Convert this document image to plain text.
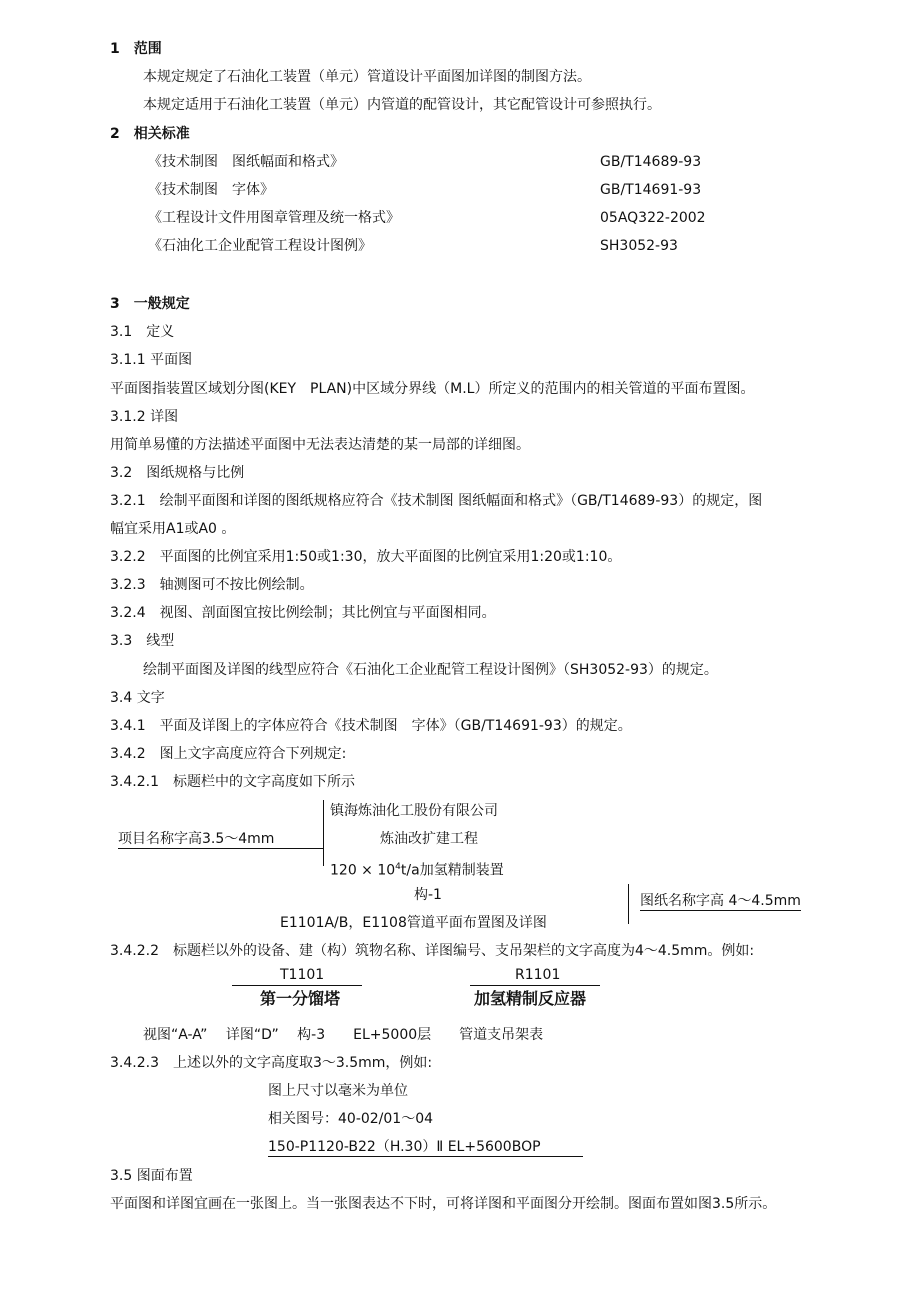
1　范围
本规定规定了石油化工装置（单元）管道设计平面图加详图的制图方法。
本规定适用于石油化工装置（单元）内管道的配管设计，其它配管设计可参照执行。
2　相关标准
《技术制图　图纸幅面和格式》	GB/T14689-93
《技术制图　字体》	GB/T14691-93
《工程设计文件用图章管理及统一格式》	05AQ322-2002
《石油化工企业配管工程设计图例》	SH3052-93
3　一般规定
3.1　定义
3.1.1 平面图
平面图指装置区域划分图(KEY　PLAN)中区域分界线（M.L）所定义的范围内的相关管道的平面布置图。
3.1.2 详图
用简单易懂的方法描述平面图中无法表达清楚的某一局部的详细图。
3.2　图纸规格与比例
3.2.1　绘制平面图和详图的图纸规格应符合《技术制图 图纸幅面和格式》（GB/T14689-93）的规定，图
幅宜采用A1或A0 。
3.2.2　平面图的比例宜采用1:50或1:30，放大平面图的比例宜采用1:20或1:10。
3.2.3　轴测图可不按比例绘制。
3.2.4　视图、剖面图宜按比例绘制；其比例宜与平面图相同。
3.3　线型
绘制平面图及详图的线型应符合《石油化工企业配管工程设计图例》（SH3052-93）的规定。
3.4 文字
3.4.1　平面及详图上的字体应符合《技术制图　字体》（GB/T14691-93）的规定。
3.4.2　图上文字高度应符合下列规定:
3.4.2.1　标题栏中的文字高度如下所示
项目名称字高3.5～4mm
镇海炼油化工股份有限公司
炼油改扩建工程
$120 \times 10^4t/a$加氢精制装置
构-1
E1101A/B，E1108管道平面布置图及详图
图纸名称字高 4～4.5mm
3.4.2.2　标题栏以外的设备、建（构）筑物名称、详图编号、支吊架栏的文字高度为4～4.5mm。例如:
T1101
第一分馏塔
R1101
加氢精制反应器
视图“A-A”　 详图“D”　 构-3　　EL+5000层　　管道支吊架表
3.4.2.3　上述以外的文字高度取3～3.5mm，例如:
图上尺寸以毫米为单位
相关图号：40-02/01～04
150-P1120-B22（H.30）Ⅱ EL+5600BOP
3.5 图面布置
平面图和详图宜画在一张图上。当一张图表达不下时，可将详图和平面图分开绘制。图面布置如图3.5所示。
